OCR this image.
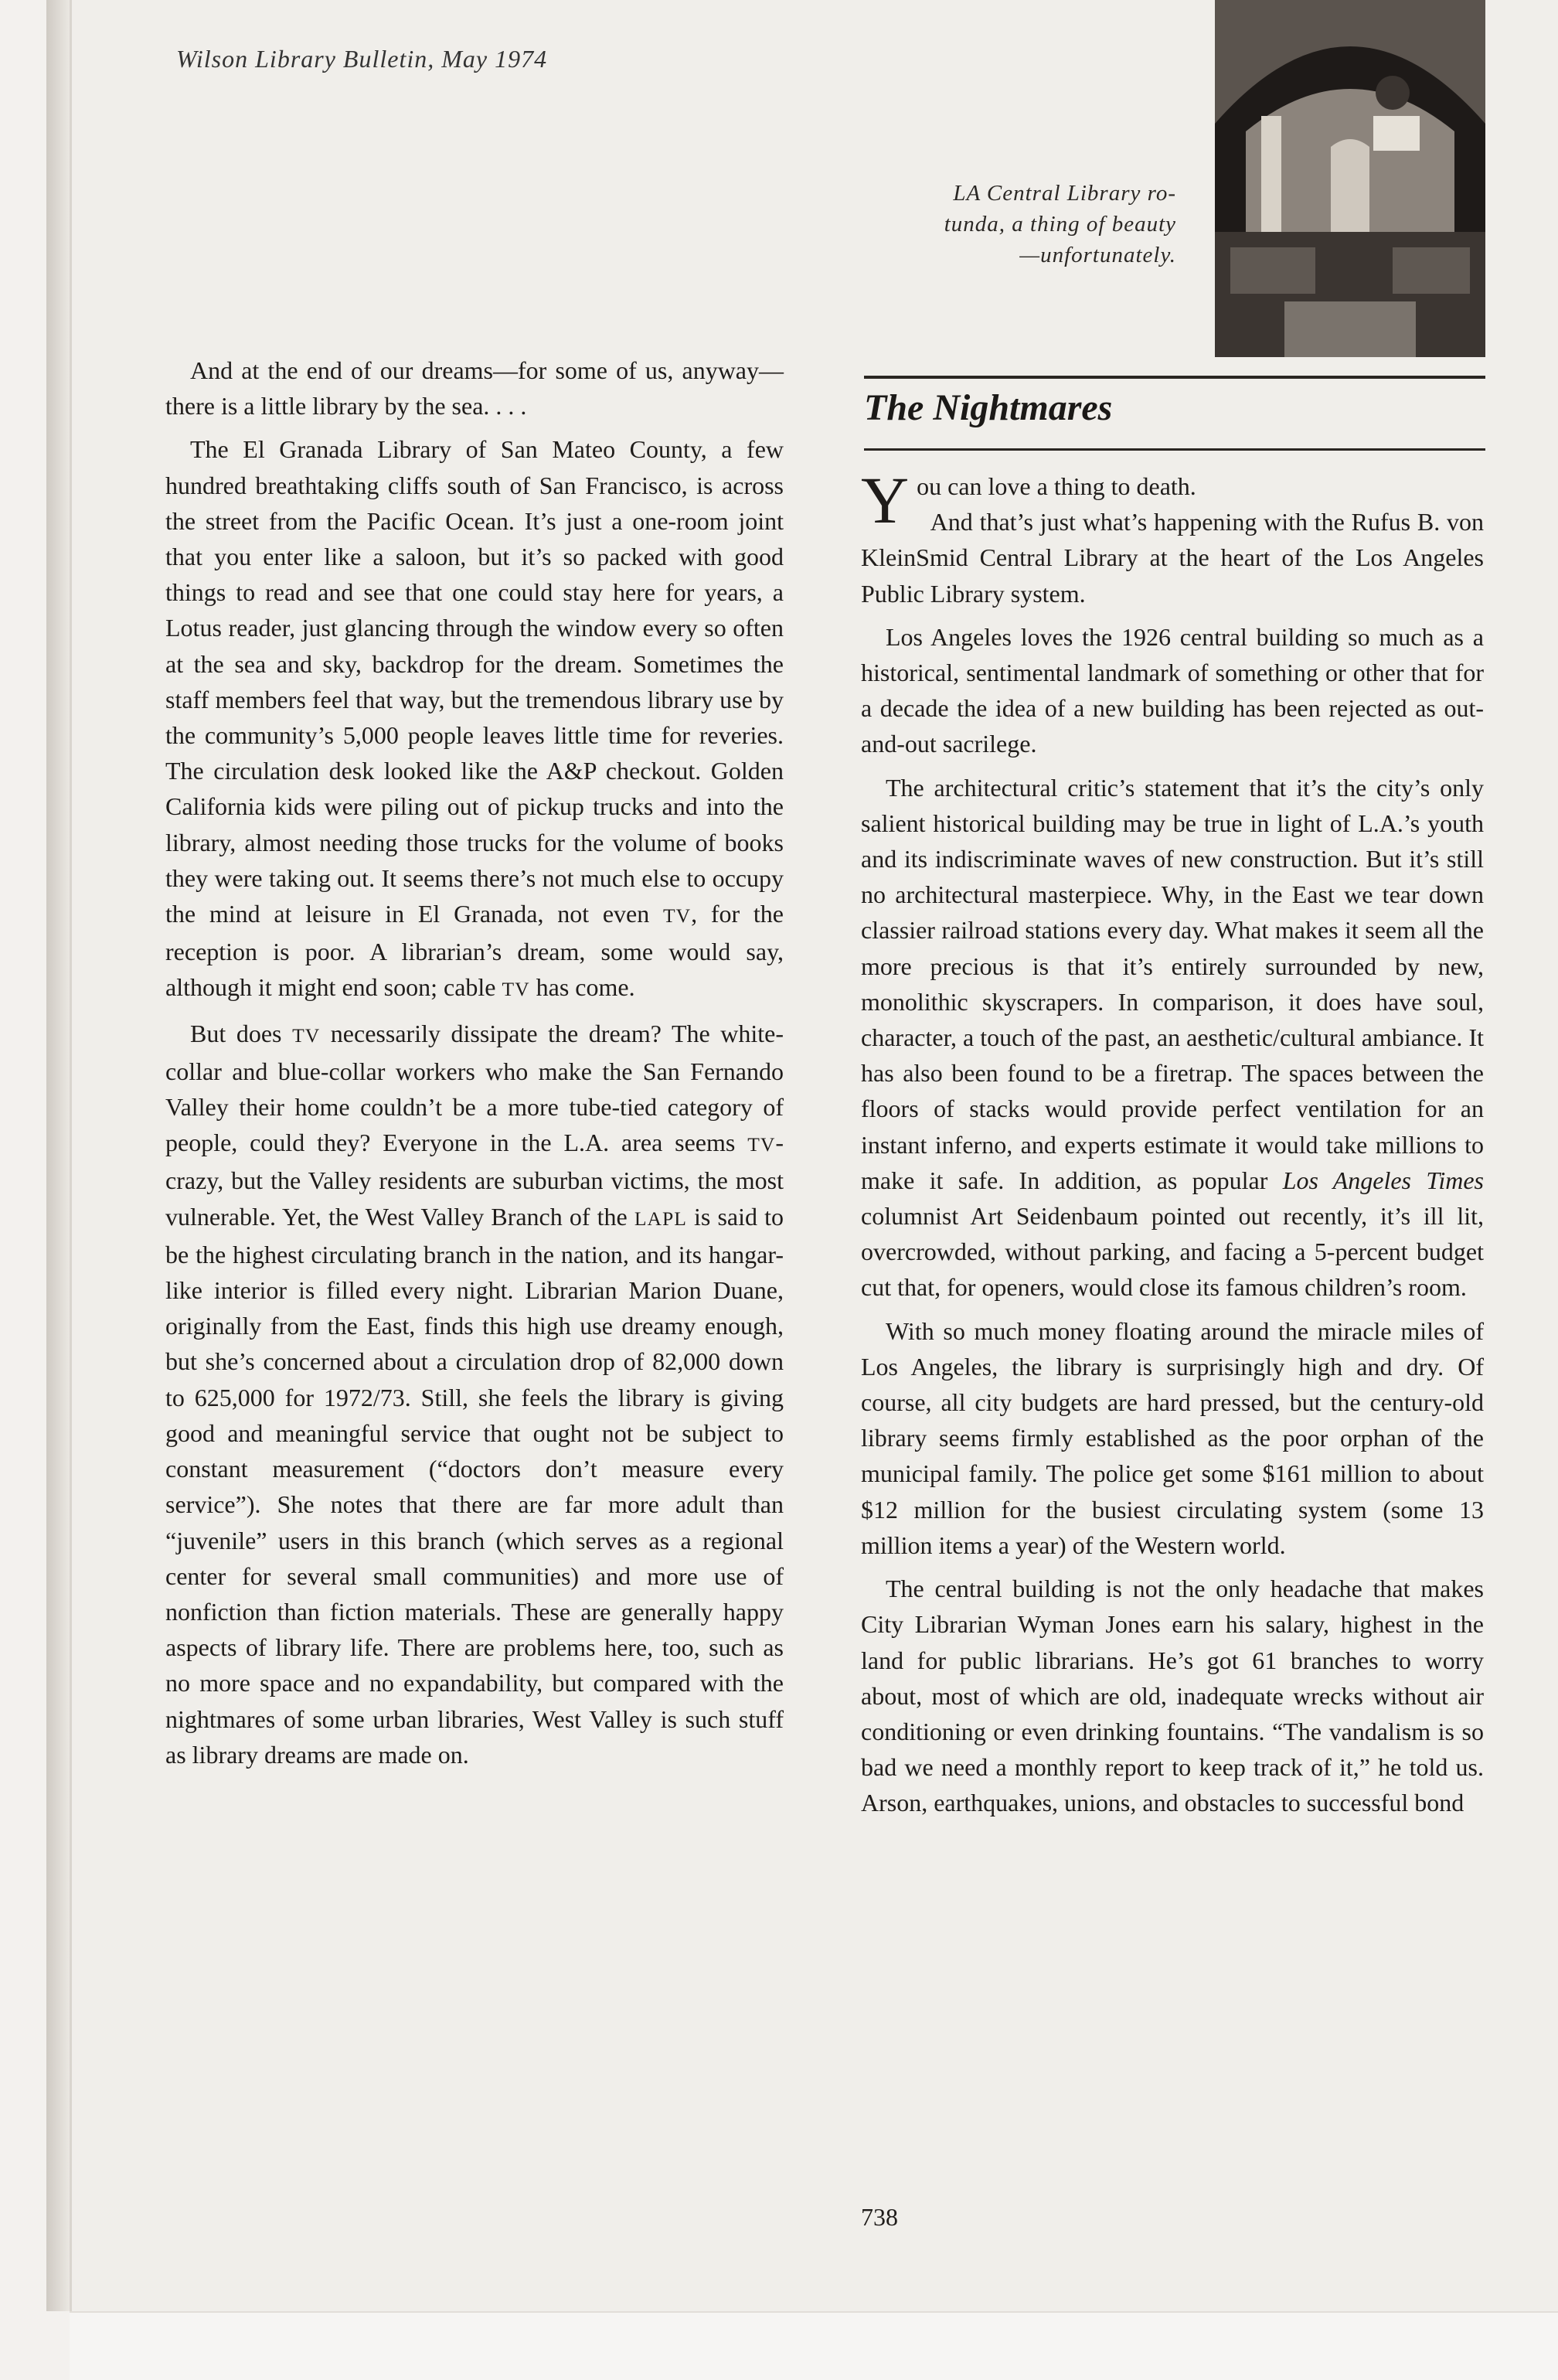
Wilson Library Bulletin, May 1974

LA Central Library ro-
tunda, a thing of beauty
—unfortunately.

The Nightmares

And at the end of our dreams—for some of us, anyway—there is a little library by the sea. . . .

The El Granada Library of San Mateo County, a few hundred breathtaking cliffs south of San Francisco, is across the street from the Pacific Ocean. It’s just a one-room joint that you enter like a saloon, but it’s so packed with good things to read and see that one could stay here for years, a Lotus reader, just glancing through the window every so often at the sea and sky, backdrop for the dream. Sometimes the staff members feel that way, but the tremendous library use by the community’s 5,000 people leaves little time for reveries. The circulation desk looked like the A&P checkout. Golden California kids were piling out of pickup trucks and into the library, almost needing those trucks for the volume of books they were taking out. It seems there’s not much else to occupy the mind at leisure in El Granada, not even TV, for the reception is poor. A librarian’s dream, some would say, although it might end soon; cable TV has come.

But does TV necessarily dissipate the dream? The white-collar and blue-collar workers who make the San Fernando Valley their home couldn’t be a more tube-tied category of people, could they? Everyone in the L.A. area seems TV-crazy, but the Valley residents are suburban victims, the most vulnerable. Yet, the West Valley Branch of the LAPL is said to be the highest circulating branch in the nation, and its hangar-like interior is filled every night. Librarian Marion Duane, originally from the East, finds this high use dreamy enough, but she’s concerned about a circulation drop of 82,000 down to 625,000 for 1972/73. Still, she feels the library is giving good and meaningful service that ought not be subject to constant measurement (“doctors don’t measure every service”). She notes that there are far more adult than “juvenile” users in this branch (which serves as a regional center for several small communities) and more use of nonfiction than fiction materials. These are generally happy aspects of library life. There are problems here, too, such as no more space and no expandability, but compared with the nightmares of some urban libraries, West Valley is such stuff as library dreams are made on.

You can love a thing to death.
And that’s just what’s happening with the Rufus B. von KleinSmid Central Library at the heart of the Los Angeles Public Library system.

Los Angeles loves the 1926 central building so much as a historical, sentimental landmark of something or other that for a decade the idea of a new building has been rejected as out-and-out sacrilege.

The architectural critic’s statement that it’s the city’s only salient historical building may be true in light of L.A.’s youth and its indiscriminate waves of new construction. But it’s still no architectural masterpiece. Why, in the East we tear down classier railroad stations every day. What makes it seem all the more precious is that it’s entirely surrounded by new, monolithic skyscrapers. In comparison, it does have soul, character, a touch of the past, an aesthetic/cultural ambiance. It has also been found to be a firetrap. The spaces between the floors of stacks would provide perfect ventilation for an instant inferno, and experts estimate it would take millions to make it safe. In addition, as popular Los Angeles Times columnist Art Seidenbaum pointed out recently, it’s ill lit, overcrowded, without parking, and facing a 5-percent budget cut that, for openers, would close its famous children’s room.

With so much money floating around the miracle miles of Los Angeles, the library is surprisingly high and dry. Of course, all city budgets are hard pressed, but the century-old library seems firmly established as the poor orphan of the municipal family. The police get some $161 million to about $12 million for the busiest circulating system (some 13 million items a year) of the Western world.

The central building is not the only headache that makes City Librarian Wyman Jones earn his salary, highest in the land for public librarians. He’s got 61 branches to worry about, most of which are old, inadequate wrecks without air conditioning or even drinking fountains. “The vandalism is so bad we need a monthly report to keep track of it,” he told us. Arson, earthquakes, unions, and obstacles to successful bond

738
